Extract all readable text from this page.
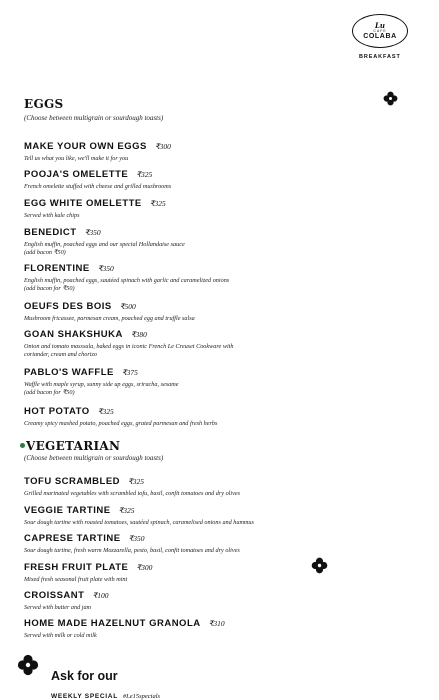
Lu
CAFE
COLABA
BREAKFAST
EGGS
(Choose between multigrain or sourdough toasts)
MAKE YOUR OWN EGGS ₹300
Tell us what you like, we'll make it for you
POOJA'S OMELETTE ₹325
French omelette stuffed with cheese and grilled mushrooms
EGG WHITE OMELETTE ₹325
Served with kale chips
BENEDICT ₹350
English muffin, poached eggs and our special Hollandaise sauce
(add bacon ₹50)
FLORENTINE ₹350
English muffin, poached eggs, sautéed spinach with garlic and caramelized onions
(add bacon for ₹50)
OEUFS DES BOIS ₹500
Mushroom fricassee, parmesan cream, poached egg and truffle salsa
GOAN SHAKSHUKA ₹380
Onion and tomato masssala, baked eggs in iconic French Le Creuset Cookware with
coriander, cream and chorizo
PABLO'S WAFFLE ₹375
Waffle with maple syrup, sunny side up eggs, sriracha, sesame
(add bacon for ₹50)
HOT POTATO ₹325
Creamy spicy mashed potato, poached eggs, grated parmesan and fresh herbs
VEGETARIAN
(Choose between multigrain or sourdough toasts)
TOFU SCRAMBLED ₹325
Grilled marinated vegetables with scrambled tofu, basil, confit tomatoes and dry olives
VEGGIE TARTINE ₹325
Sour dough tartine with roasted tomatoes, sautéed spinach, caramelised onions and hummus
CAPRESE TARTINE ₹350
Sour dough tartine, fresh warm Mozzarella, pesto, basil, confit tomatoes and dry olives
FRESH FRUIT PLATE ₹300
Mixed fresh seasonal fruit plate with mint
CROISSANT ₹100
Served with butter and jam
HOME MADE HAZELNUT GRANOLA ₹310
Served with milk or cold milk
Ask for our
WEEKLY SPECIAL #Le15specials
